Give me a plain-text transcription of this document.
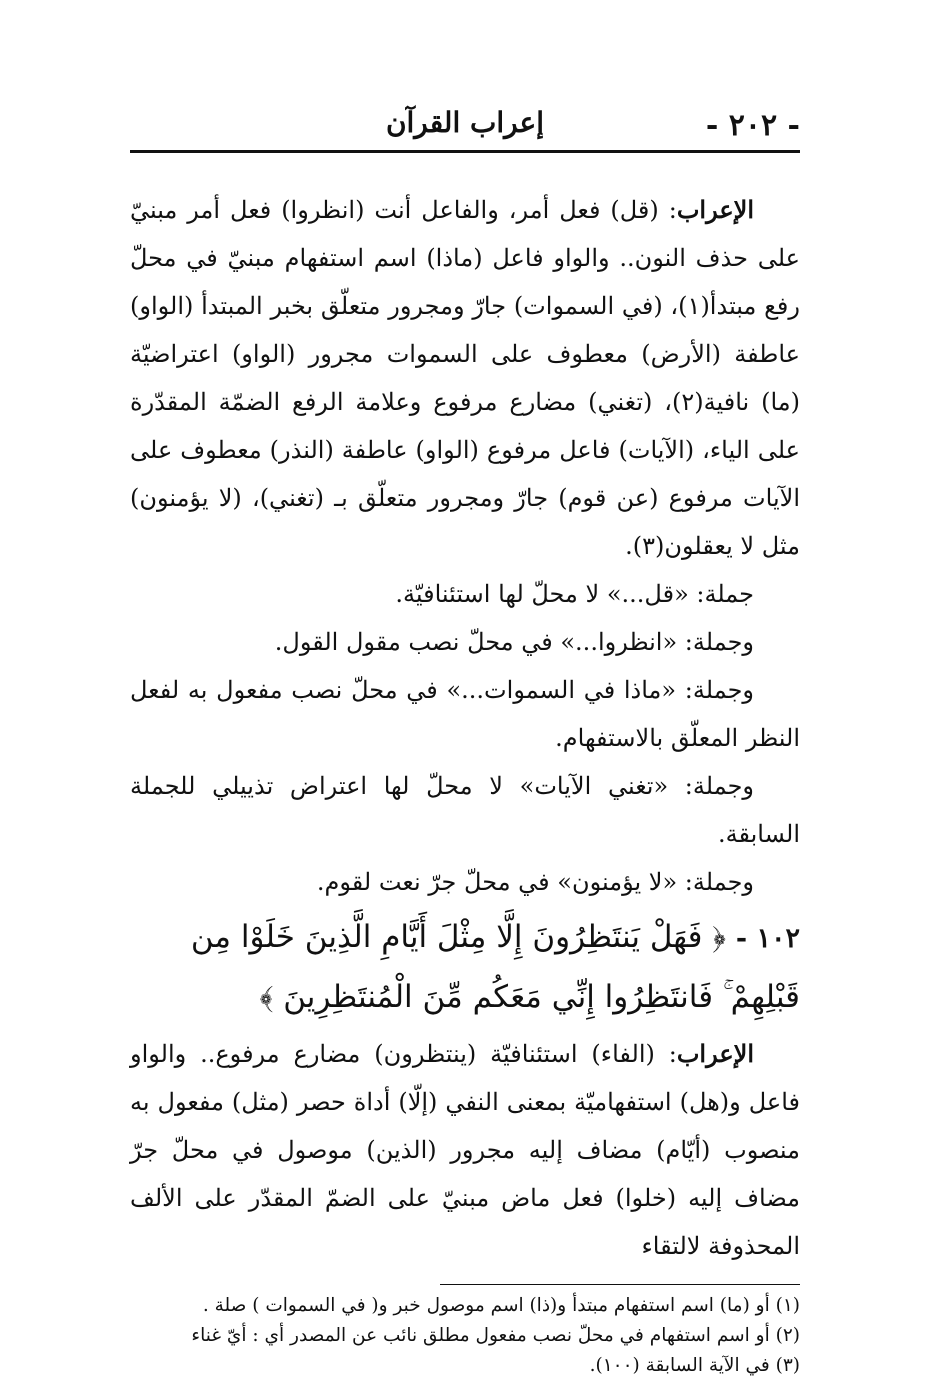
- ٢٠٢ -
إعراب القرآن

الإعراب: (قل) فعل أمر، والفاعل أنت (انظروا) فعل أمر مبنيّ على حذف النون.. والواو فاعل (ماذا) اسم استفهام مبنيّ في محلّ رفع مبتدأ(١)، (في السموات) جارّ ومجرور متعلّق بخبر المبتدأ (الواو) عاطفة (الأرض) معطوف على السموات مجرور (الواو) اعتراضيّة (ما) نافية(٢)، (تغني) مضارع مرفوع وعلامة الرفع الضمّة المقدّرة على الياء، (الآيات) فاعل مرفوع (الواو) عاطفة (النذر) معطوف على الآيات مرفوع (عن قوم) جارّ ومجرور متعلّق بـ (تغني)، (لا يؤمنون) مثل لا يعقلون(٣).

جملة: «قل...» لا محلّ لها استئنافيّة.

وجملة: «انظروا...» في محلّ نصب مقول القول.

وجملة: «ماذا في السموات...» في محلّ نصب مفعول به لفعل النظر المعلّق بالاستفهام.

وجملة: «تغني الآيات» لا محلّ لها اعتراض تذييلي للجملة السابقة.

وجملة: «لا يؤمنون» في محلّ جرّ نعت لقوم.

١٠٢ - ﴿ فَهَلْ يَنتَظِرُونَ إِلَّا مِثْلَ أَيَّامِ الَّذِينَ خَلَوْا مِن قَبْلِهِمْ ۚ فَانتَظِرُوا إِنِّي مَعَكُم مِّنَ الْمُنتَظِرِينَ ﴾

الإعراب: (الفاء) استئنافيّة (ينتظرون) مضارع مرفوع.. والواو فاعل و(هل) استفهاميّة بمعنى النفي (إلّا) أداة حصر (مثل) مفعول به منصوب (أيّام) مضاف إليه مجرور (الذين) موصول في محلّ جرّ مضاف إليه (خلوا) فعل ماض مبنيّ على الضمّ المقدّر على الألف المحذوفة لالتقاء

(١) أو (ما) اسم استفهام مبتدأ و(ذا) اسم موصول خبر و( في السموات ) صلة .

(٢) أو اسم استفهام في محلّ نصب مفعول مطلق نائب عن المصدر أي : أيّ غناء

(٣) في الآية السابقة (١٠٠).
